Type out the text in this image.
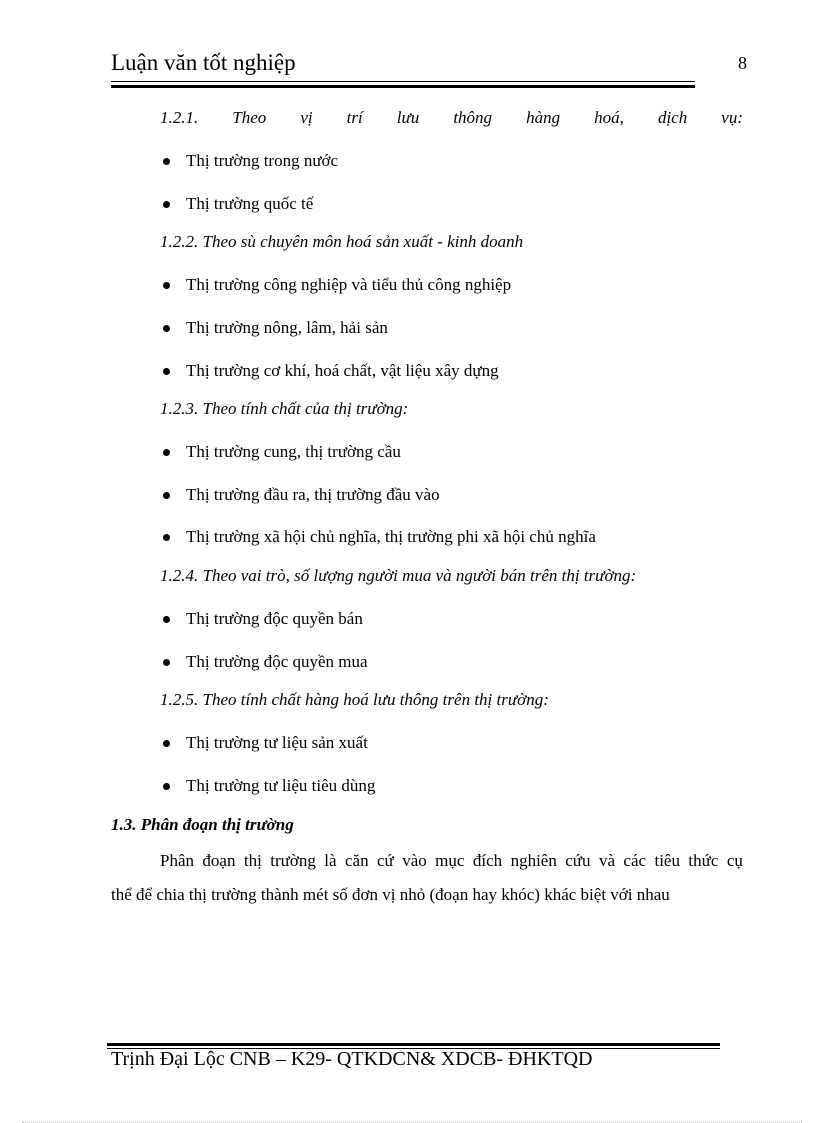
Luận văn tốt nghiệp	8
1.2.1. Theo vị trí lưu thông hàng hoá, dịch vụ:
Thị trường trong nước
Thị trường quốc tế
1.2.2. Theo sù chuyên môn hoá sản xuất - kinh doanh
Thị trường công nghiệp và tiểu thủ công nghiệp
Thị trường nông, lâm, hải sản
Thị trường cơ khí, hoá chất, vật liệu xây dựng
1.2.3. Theo tính chất của thị trường:
Thị trường cung, thị trường cầu
Thị trường đầu ra, thị trường đầu vào
Thị trường xã hội chủ nghĩa, thị trường phi xã hội chủ nghĩa
1.2.4. Theo vai trò, số lượng người mua và người bán trên thị trường:
Thị trường độc quyền bán
Thị trường độc quyền mua
1.2.5. Theo tính chất hàng hoá lưu thông trên thị trường:
Thị trường tư liệu sản xuất
Thị trường tư liệu tiêu dùng
1.3. Phân đoạn thị trường
Phân đoạn thị trường là căn cứ vào mục đích nghiên cứu và các tiêu thức cụ
thể để chia thị trường thành mét số đơn vị nhỏ (đoạn hay khóc) khác biệt với nhau
Trịnh Đại Lộc CNB – K29- QTKDCN& XDCB- ĐHKTQD
